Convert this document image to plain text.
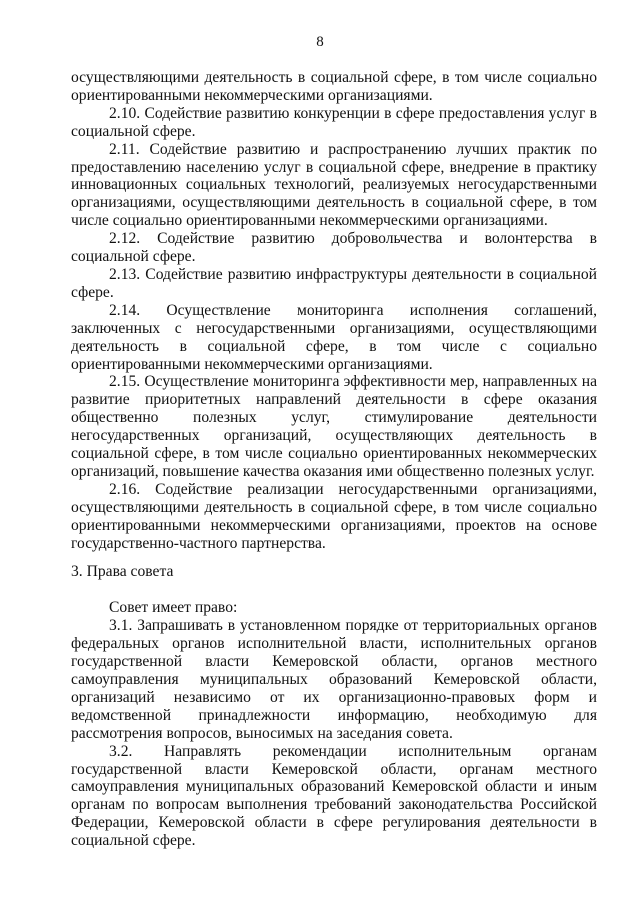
8

осуществляющими деятельность в социальной сфере, в том числе социально ориентированными некоммерческими организациями.

2.10. Содействие развитию конкуренции в сфере предоставления услуг в социальной сфере.

2.11. Содействие развитию и распространению лучших практик по предоставлению населению услуг в социальной сфере, внедрение в практику инновационных социальных технологий, реализуемых негосударственными организациями, осуществляющими деятельность в социальной сфере, в том числе социально ориентированными некоммерческими организациями.

2.12. Содействие развитию добровольчества и волонтерства в социальной сфере.

2.13. Содействие развитию инфраструктуры деятельности в социальной сфере.

2.14. Осуществление мониторинга исполнения соглашений, заключенных с негосударственными организациями, осуществляющими деятельность в социальной сфере, в том числе с социально ориентированными некоммерческими организациями.

2.15. Осуществление мониторинга эффективности мер, направленных на развитие приоритетных направлений деятельности в сфере оказания общественно полезных услуг, стимулирование деятельности негосударственных организаций, осуществляющих деятельность в социальной сфере, в том числе социально ориентированных некоммерческих организаций, повышение качества оказания ими общественно полезных услуг.

2.16. Содействие реализации негосударственными организациями, осуществляющими деятельность в социальной сфере, в том числе социально ориентированными некоммерческими организациями, проектов на основе государственно-частного партнерства.

3. Права совета

Совет имеет право:

3.1. Запрашивать в установленном порядке от территориальных органов федеральных органов исполнительной власти, исполнительных органов государственной власти Кемеровской области, органов местного самоуправления муниципальных образований Кемеровской области, организаций независимо от их организационно-правовых форм и ведомственной принадлежности информацию, необходимую для рассмотрения вопросов, выносимых на заседания совета.

3.2. Направлять рекомендации исполнительным органам государственной власти Кемеровской области, органам местного самоуправления муниципальных образований Кемеровской области и иным органам по вопросам выполнения требований законодательства Российской Федерации, Кемеровской области в сфере регулирования деятельности в социальной сфере.
